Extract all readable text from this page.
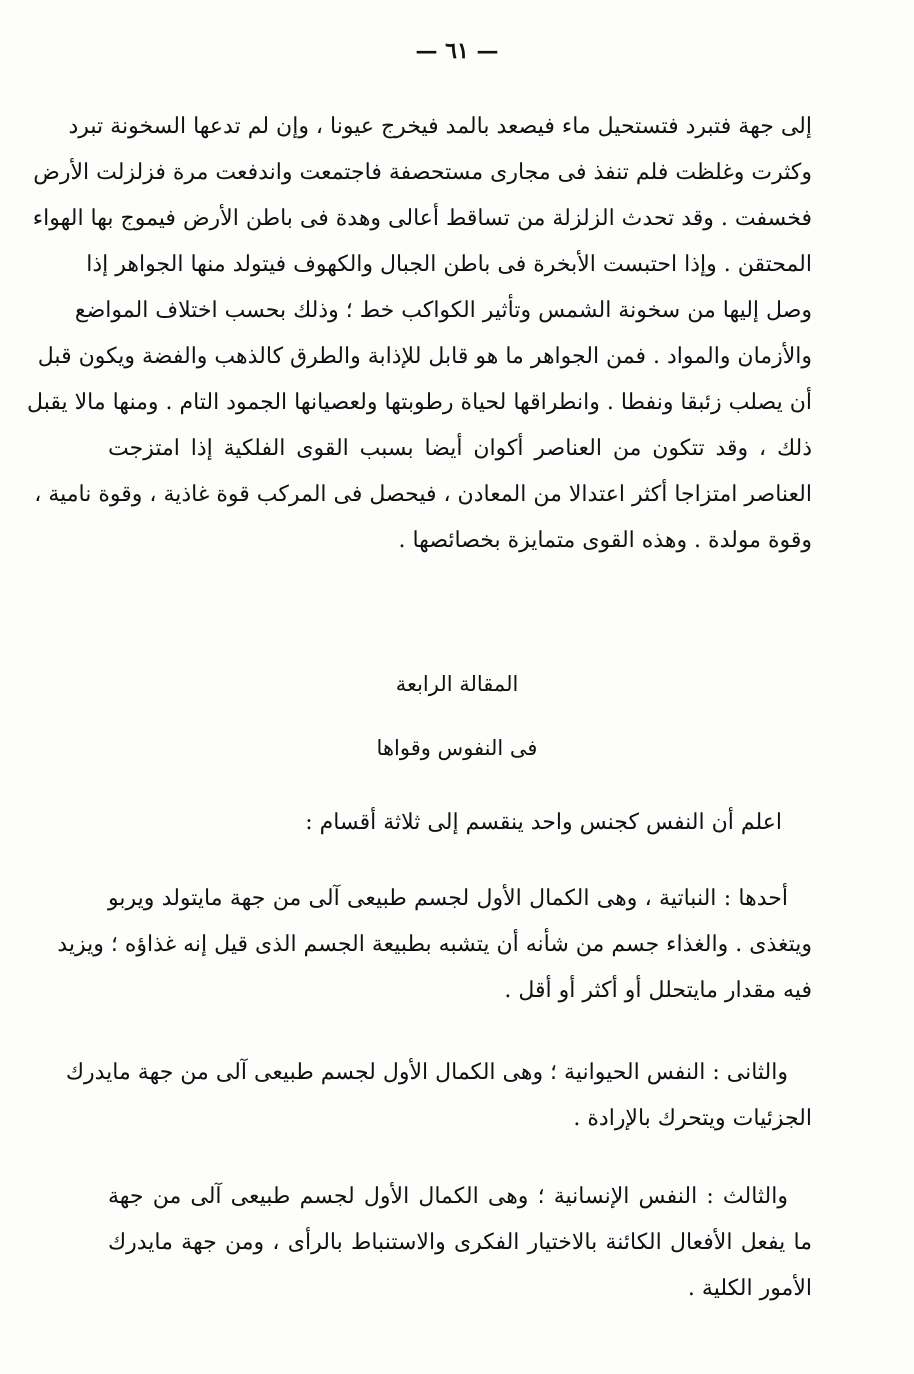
— ٦١ —
إلى جهة فتبرد فتستحيل ماء فيصعد بالمد فيخرج عيونا ، وإن لم تدعها السخونة تبرد
وكثرت وغلظت فلم تنفذ فى مجارى مستحصفة فاجتمعت واندفعت مرة فزلزلت الأرض
فخسفت . وقد تحدث الزلزلة من تساقط أعالى وهدة فى باطن الأرض فيموج بها الهواء
المحتقن . وإذا احتبست الأبخرة فى باطن الجبال والكهوف فيتولد منها الجواهر إذا
وصل إليها من سخونة الشمس وتأثير الكواكب خط ؛ وذلك بحسب اختلاف المواضع
والأزمان والمواد . فمن الجواهر ما هو قابل للإذابة والطرق كالذهب والفضة ويكون قبل
أن يصلب زئبقا ونفطا . وانطراقها لحياة رطوبتها ولعصيانها الجمود التام . ومنها مالا يقبل
ذلك ، وقد تتكون من العناصر أكوان أيضا بسبب القوى الفلكية إذا امتزجت
العناصر امتزاجا أكثر اعتدالا من المعادن ، فيحصل فى المركب قوة غاذية ، وقوة نامية ،
وقوة مولدة . وهذه القوى متمايزة بخصائصها .
المقالة الرابعة
فى النفوس وقواها
اعلم أن النفس كجنس واحد ينقسم إلى ثلاثة أقسام :
أحدها : النباتية ، وهى الكمال الأول لجسم طبيعى آلى من جهة مايتولد ويربو
ويتغذى . والغذاء جسم من شأنه أن يتشبه بطبيعة الجسم الذى قيل إنه غذاؤه ؛ ويزيد
فيه مقدار مايتحلل أو أكثر أو أقل .
والثانى : النفس الحيوانية ؛ وهى الكمال الأول لجسم طبيعى آلى من جهة مايدرك
الجزئيات ويتحرك بالإرادة .
والثالث : النفس الإنسانية ؛ وهى الكمال الأول لجسم طبيعى آلى من جهة
ما يفعل الأفعال الكائنة بالاختيار الفكرى والاستنباط بالرأى ، ومن جهة مايدرك
الأمور الكلية .
